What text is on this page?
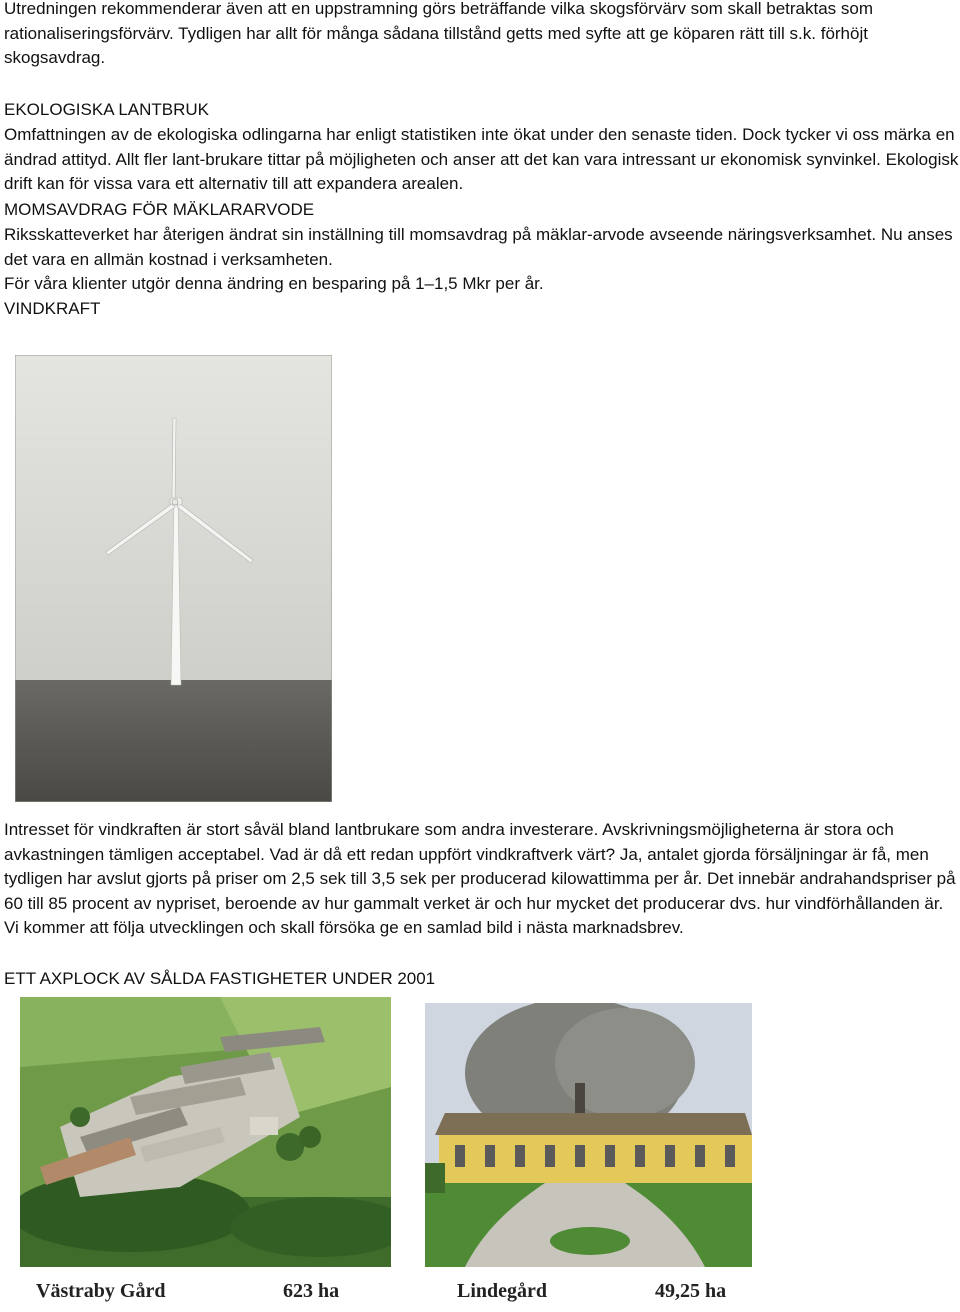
Utredningen rekommenderar även att en uppstramning görs beträffande vilka skogsförvärv som skall betraktas som rationaliseringsförvärv. Tydligen har allt för många sådana tillstånd getts med syfte att ge köparen rätt till s.k. förhöjt skogsavdrag.
EKOLOGISKA LANTBRUK
Omfattningen av de ekologiska odlingarna har enligt statistiken inte ökat under den senaste tiden. Dock tycker vi oss märka en ändrad attityd. Allt fler lant-brukare tittar på möjligheten och anser att det kan vara intressant ur ekonomisk synvinkel. Ekologisk drift kan för vissa vara ett alternativ till att expandera arealen.
MOMSAVDRAG FÖR MÄKLARARVODE
Riksskatteverket har återigen ändrat sin inställning till momsavdrag på mäklar-arvode avseende näringsverksamhet. Nu anses det vara en allmän kostnad i verksamheten.
För våra klienter utgör denna ändring en besparing på 1–1,5 Mkr per år.
VINDKRAFT
Intresset för vindkraften är stort såväl bland lantbrukare som andra investerare. Avskrivningsmöjligheterna är stora och avkastningen tämligen acceptabel. Vad är då ett redan uppfört vindkraftverk värt? Ja, antalet gjorda försäljningar är få, men tydligen har avslut gjorts på priser om 2,5 sek till 3,5 sek per producerad kilowattimma per år. Det innebär andrahandspriser på 60 till 85 procent av nypriset, beroende av hur gammalt verket är och hur mycket det producerar dvs. hur vindförhållanden är. Vi kommer att följa utvecklingen och skall försöka ge en samlad bild i nästa marknadsbrev.
ETT AXPLOCK AV SÅLDA FASTIGHETER UNDER 2001
Västraby Gård	623 ha	Lindegård	49,25 ha
